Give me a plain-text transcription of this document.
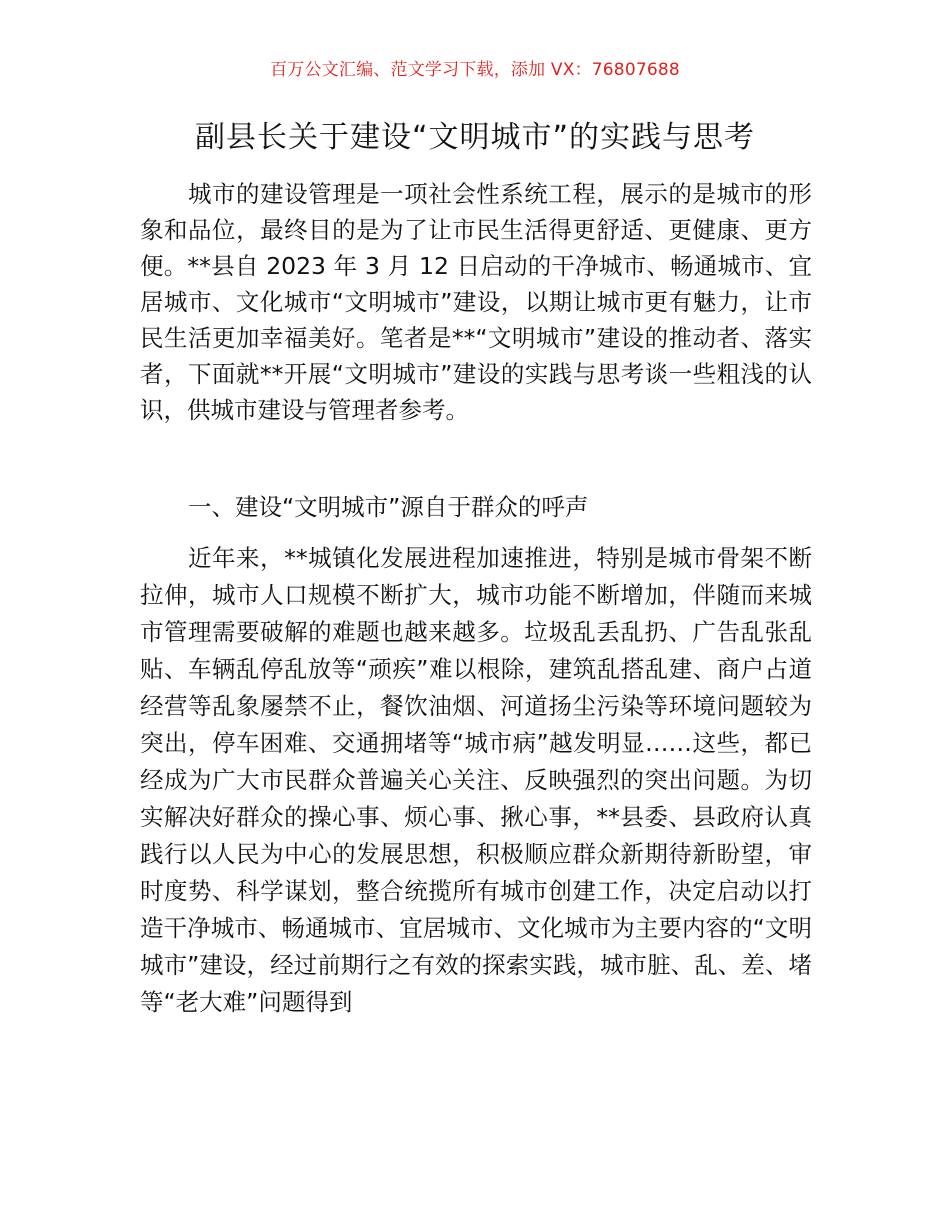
百万公文汇编、范文学习下载，添加 VX：76807688
副县长关于建设“文明城市”的实践与思考
城市的建设管理是一项社会性系统工程，展示的是城市的形象和品位，最终目的是为了让市民生活得更舒适、更健康、更方便。**县自 2023 年 3 月 12 日启动的干净城市、畅通城市、宜居城市、文化城市“文明城市”建设，以期让城市更有魅力，让市民生活更加幸福美好。笔者是**“文明城市”建设的推动者、落实者，下面就**开展“文明城市”建设的实践与思考谈一些粗浅的认识，供城市建设与管理者参考。
一、建设“文明城市”源自于群众的呼声
近年来，**城镇化发展进程加速推进，特别是城市骨架不断拉伸，城市人口规模不断扩大，城市功能不断增加，伴随而来城市管理需要破解的难题也越来越多。垃圾乱丢乱扔、广告乱张乱贴、车辆乱停乱放等“顽疾”难以根除，建筑乱搭乱建、商户占道经营等乱象屡禁不止，餐饮油烟、河道扬尘污染等环境问题较为突出，停车困难、交通拥堵等“城市病”越发明显……这些，都已经成为广大市民群众普遍关心关注、反映强烈的突出问题。为切实解决好群众的操心事、烦心事、揪心事，**县委、县政府认真践行以人民为中心的发展思想，积极顺应群众新期待新盼望，审时度势、科学谋划，整合统揽所有城市创建工作，决定启动以打造干净城市、畅通城市、宜居城市、文化城市为主要内容的“文明城市”建设，经过前期行之有效的探索实践，城市脏、乱、差、堵等“老大难”问题得到
